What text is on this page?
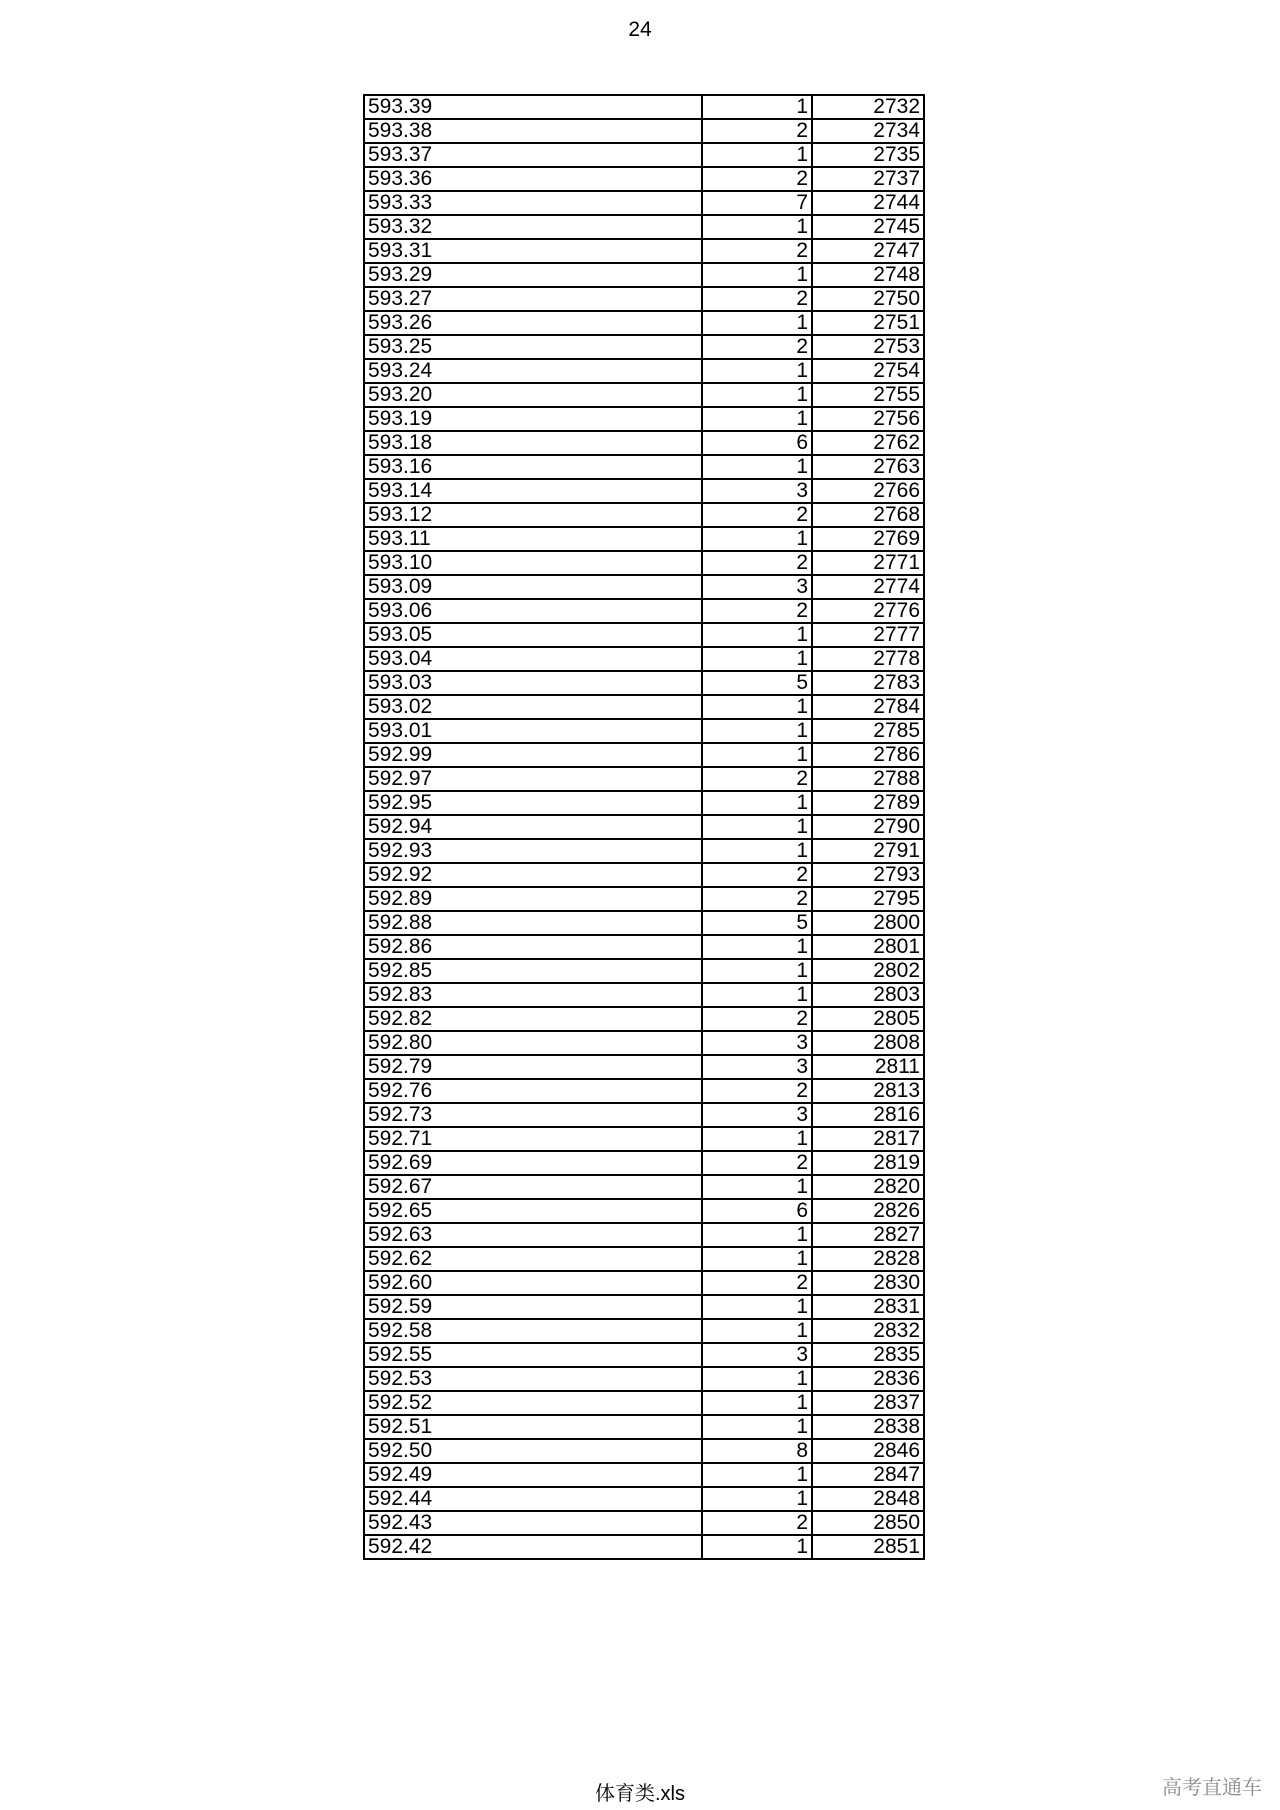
24
593.39	1	2732
593.38	2	2734
593.37	1	2735
593.36	2	2737
593.33	7	2744
593.32	1	2745
593.31	2	2747
593.29	1	2748
593.27	2	2750
593.26	1	2751
593.25	2	2753
593.24	1	2754
593.20	1	2755
593.19	1	2756
593.18	6	2762
593.16	1	2763
593.14	3	2766
593.12	2	2768
593.11	1	2769
593.10	2	2771
593.09	3	2774
593.06	2	2776
593.05	1	2777
593.04	1	2778
593.03	5	2783
593.02	1	2784
593.01	1	2785
592.99	1	2786
592.97	2	2788
592.95	1	2789
592.94	1	2790
592.93	1	2791
592.92	2	2793
592.89	2	2795
592.88	5	2800
592.86	1	2801
592.85	1	2802
592.83	1	2803
592.82	2	2805
592.80	3	2808
592.79	3	2811
592.76	2	2813
592.73	3	2816
592.71	1	2817
592.69	2	2819
592.67	1	2820
592.65	6	2826
592.63	1	2827
592.62	1	2828
592.60	2	2830
592.59	1	2831
592.58	1	2832
592.55	3	2835
592.53	1	2836
592.52	1	2837
592.51	1	2838
592.50	8	2846
592.49	1	2847
592.44	1	2848
592.43	2	2850
592.42	1	2851
体育类.xls	高考直通车
